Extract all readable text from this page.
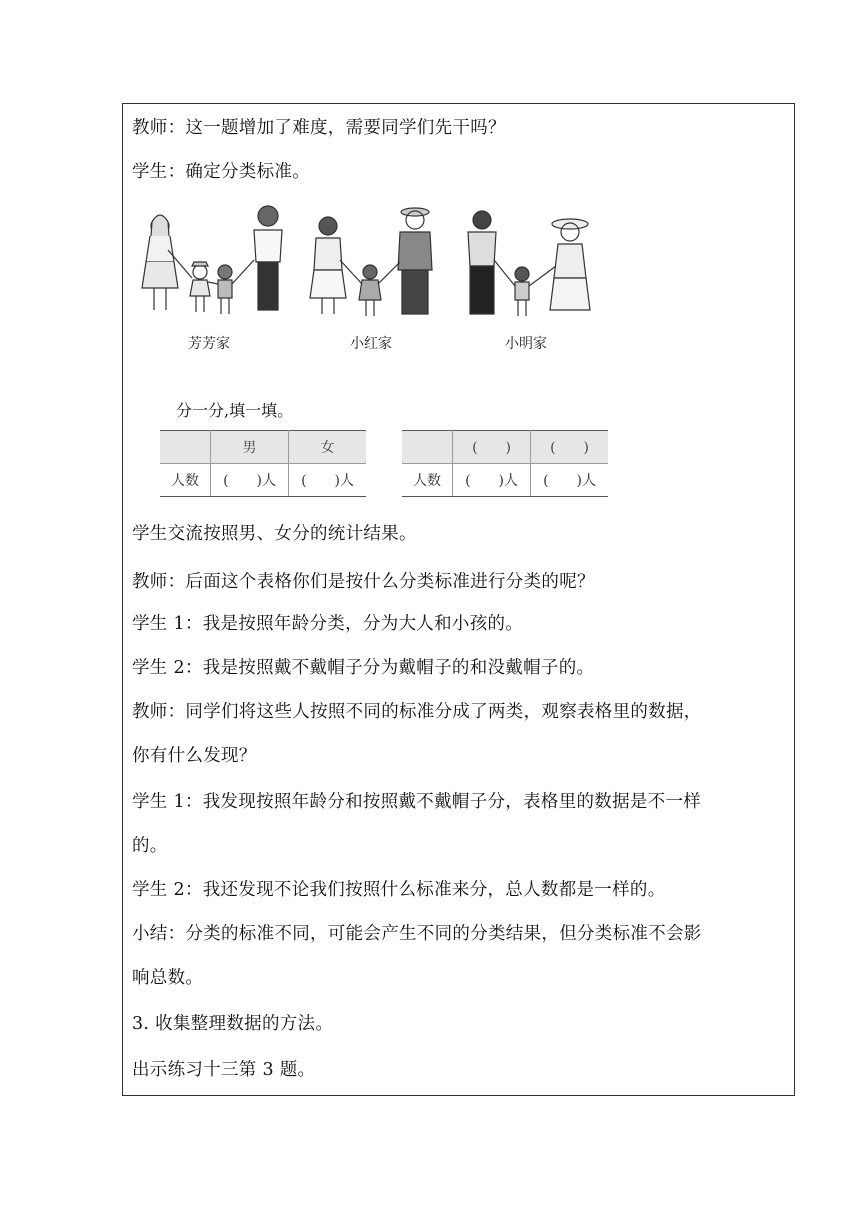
教师：这一题增加了难度，需要同学们先干吗？
学生：确定分类标准。
芳芳家	小红家	小明家
分一分,填一填。
	男	女
人数	(　　)人	(　　)人
	(　　)	(　　)
人数	(　　)人	(　　)人
学生交流按照男、女分的统计结果。
教师：后面这个表格你们是按什么分类标准进行分类的呢？
学生 1：我是按照年龄分类，分为大人和小孩的。
学生 2：我是按照戴不戴帽子分为戴帽子的和没戴帽子的。
教师：同学们将这些人按照不同的标准分成了两类，观察表格里的数据，
你有什么发现？
学生 1：我发现按照年龄分和按照戴不戴帽子分，表格里的数据是不一样
的。
学生 2：我还发现不论我们按照什么标准来分，总人数都是一样的。
小结：分类的标准不同，可能会产生不同的分类结果，但分类标准不会影
响总数。
3. 收集整理数据的方法。
出示练习十三第 3 题。
